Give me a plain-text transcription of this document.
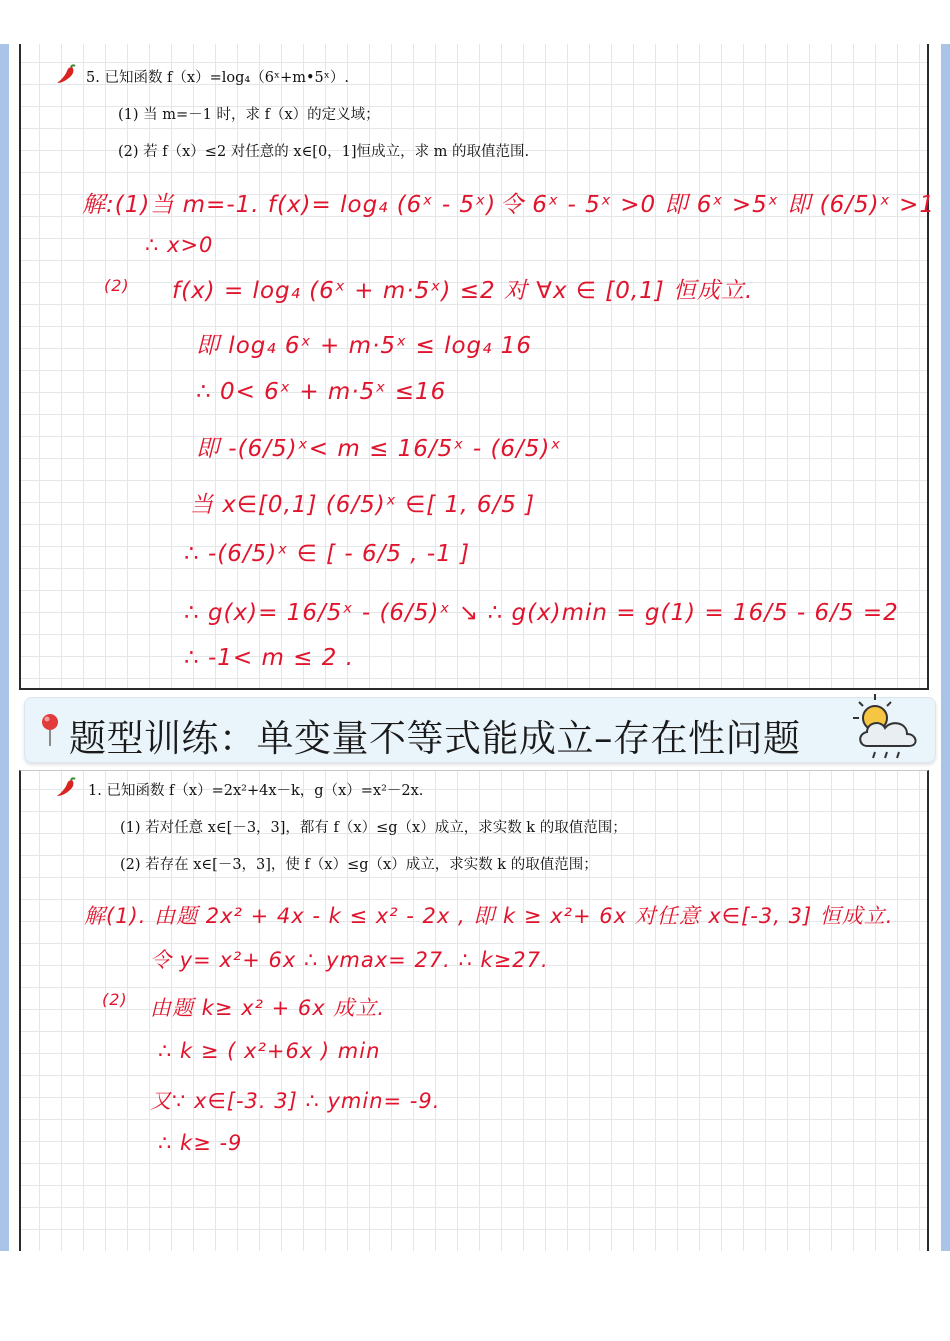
5. 已知函数 f（x）=log₄（6ˣ+m•5ˣ）.
(1) 当 m=－1 时，求 f（x）的定义域；
(2) 若 f（x）≤2 对任意的 x∈[0，1]恒成立，求 m 的取值范围.
解:(1)当 m=-1. f(x)= log₄ (6ˣ - 5ˣ) 令 6ˣ - 5ˣ >0 即 6ˣ >5ˣ 即 (6/5)ˣ >1
∴ x>0
(2) f(x) = log₄ (6ˣ + m·5ˣ) ≤2 对 ∀x ∈ [0,1] 恒成立.
即 log₄ 6ˣ + m·5ˣ ≤ log₄ 16
∴ 0< 6ˣ + m·5ˣ ≤16
即 -(6/5)ˣ< m ≤ 16/5ˣ - (6/5)ˣ
当 x∈[0,1] (6/5)ˣ ∈[ 1, 6/5 ]
∴ -(6/5)ˣ ∈ [ - 6/5 , -1 ]
∴ g(x)= 16/5ˣ - (6/5)ˣ ↘ ∴ g(x)min = g(1) = 16/5 - 6/5 =2
∴ -1< m ≤ 2 .
题型训练：单变量不等式能成立–存在性问题
1. 已知函数 f（x）=2x²+4x－k，g（x）=x²－2x.
(1) 若对任意 x∈[－3，3]，都有 f（x）≤g（x）成立，求实数 k 的取值范围；
(2) 若存在 x∈[－3，3]，使 f（x）≤g（x）成立，求实数 k 的取值范围；
解(1). 由题 2x² + 4x - k ≤ x² - 2x , 即 k ≥ x²+ 6x 对任意 x∈[-3, 3] 恒成立.
令 y= x²+ 6x ∴ ymax= 27. ∴ k≥27.
(2) 由题 k≥ x² + 6x 成立.
∴ k ≥ ( x²+6x ) min
又∵ x∈[-3. 3] ∴ ymin= -9.
∴ k≥ -9
